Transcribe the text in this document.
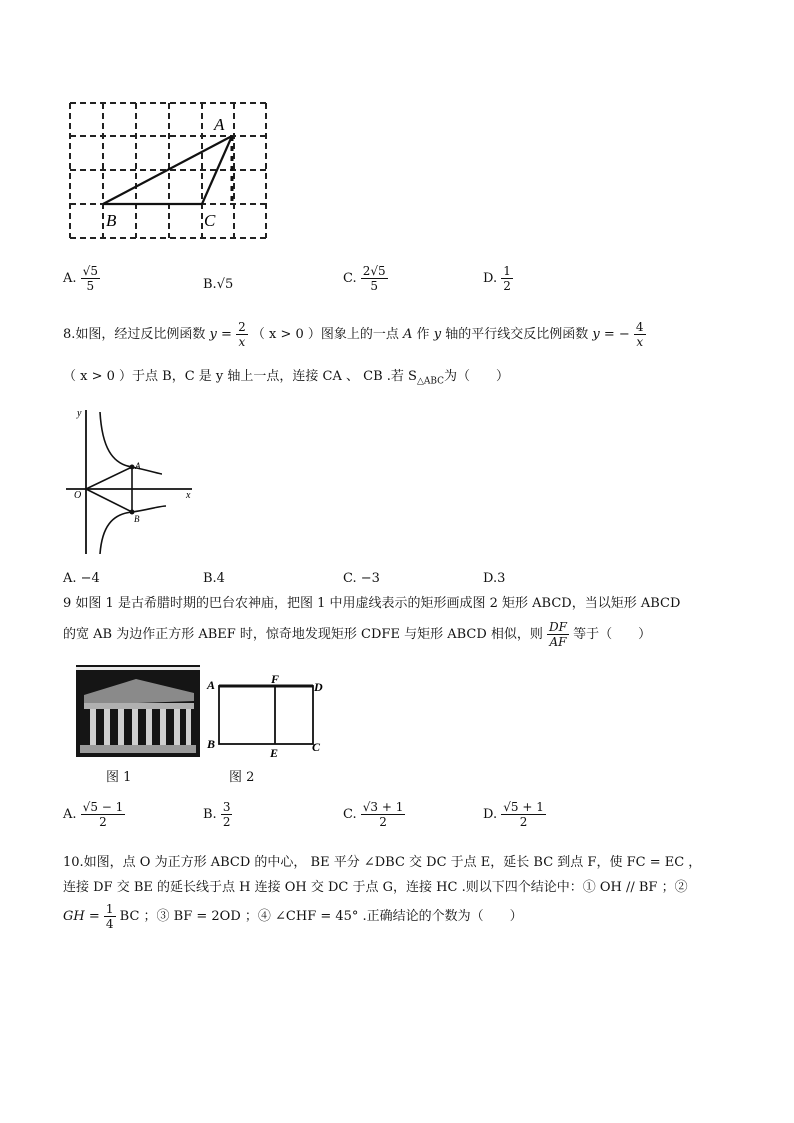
A
B	C
A. $\frac{√5}{5}$	B.√5	C. $\frac{2√5}{5}$	D. $\frac{1}{2}$
8.如图，经过反比例函数 $y = \frac{2}{x}$ （ x > 0 ）图象上的一点 A 作 y 轴的平行线交反比例函数 y = − $\frac{4}{x}$
（ x > 0 ）于点 B，C 是 y 轴上一点，连接 CA 、 CB .若 $S_{\triangle ABC}$为（　　）
y
x
O
A
B
A. −4	B.4	C. −3	D.3
9 如图 1 是古希腊时期的巴台农神庙，把图 1 中用虚线表示的矩形画成图 2 矩形 ABCD，当以矩形 ABCD
的宽 AB 为边作正方形 ABEF 时，惊奇地发现矩形 CDFE 与矩形 ABCD 相似，则 $\frac{DF}{AF}$ 等于（　　）
图 1
A	F
D
B
E	C
图 2
A. $\frac{√5 - 1}{2}$	B. $\frac{3}{2}$	C. $\frac{√3 + 1}{2}$	D. $\frac{√5 + 1}{2}$
10.如图，点 O 为正方形 ABCD 的中心， BE 平分 ∠DBC 交 DC 于点 E，延长 BC 到点 F，使 FC = EC ，
连接 DF 交 BE 的延长线于点 H 连接 OH 交 DC 于点 G，连接 HC .则以下四个结论中：① OH // BF ；②
GH = $\frac{1}{4}$ BC ；③ BF = 2OD ；④ ∠CHF = 45° .正确结论的个数为（　　）
